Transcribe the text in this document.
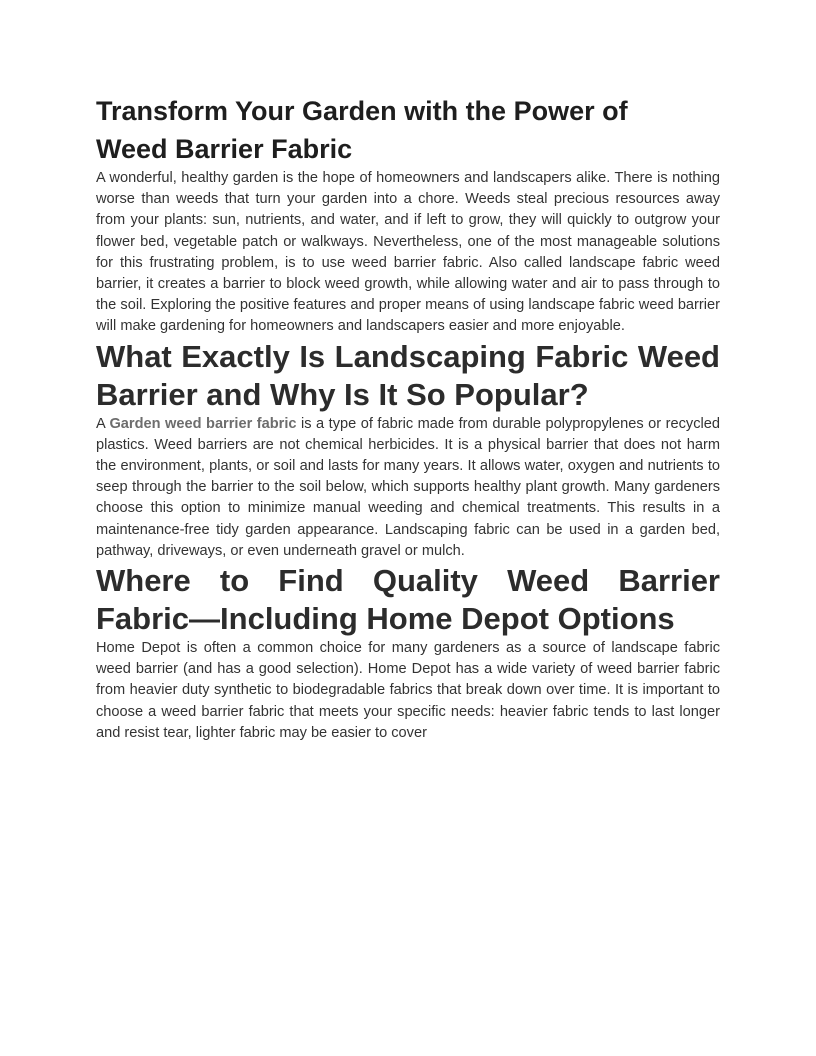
Transform Your Garden with the Power of
Weed Barrier Fabric

A wonderful, healthy garden is the hope of homeowners and landscapers alike. There is nothing worse than weeds that turn your garden into a chore. Weeds steal precious resources away from your plants: sun, nutrients, and water, and if left to grow, they will quickly to outgrow your flower bed, vegetable patch or walkways. Nevertheless, one of the most manageable solutions for this frustrating problem, is to use weed barrier fabric. Also called landscape fabric weed barrier, it creates a barrier to block weed growth, while allowing water and air to pass through to the soil. Exploring the positive features and proper means of using landscape fabric weed barrier will make gardening for homeowners and landscapers easier and more enjoyable.

What Exactly Is Landscaping Fabric Weed
Barrier and Why Is It So Popular?

A Garden weed barrier fabric is a type of fabric made from durable polypropylenes or recycled plastics. Weed barriers are not chemical herbicides. It is a physical barrier that does not harm the environment, plants, or soil and lasts for many years. It allows water, oxygen and nutrients to seep through the barrier to the soil below, which supports healthy plant growth. Many gardeners choose this option to minimize manual weeding and chemical treatments. This results in a maintenance-free tidy garden appearance. Landscaping fabric can be used in a garden bed, pathway, driveways, or even underneath gravel or mulch.

Where to Find Quality Weed Barrier
Fabric—Including Home Depot Options

Home Depot is often a common choice for many gardeners as a source of landscape fabric weed barrier (and has a good selection). Home Depot has a wide variety of weed barrier fabric from heavier duty synthetic to biodegradable fabrics that break down over time. It is important to choose a weed barrier fabric that meets your specific needs: heavier fabric tends to last longer and resist tear, lighter fabric may be easier to cover
